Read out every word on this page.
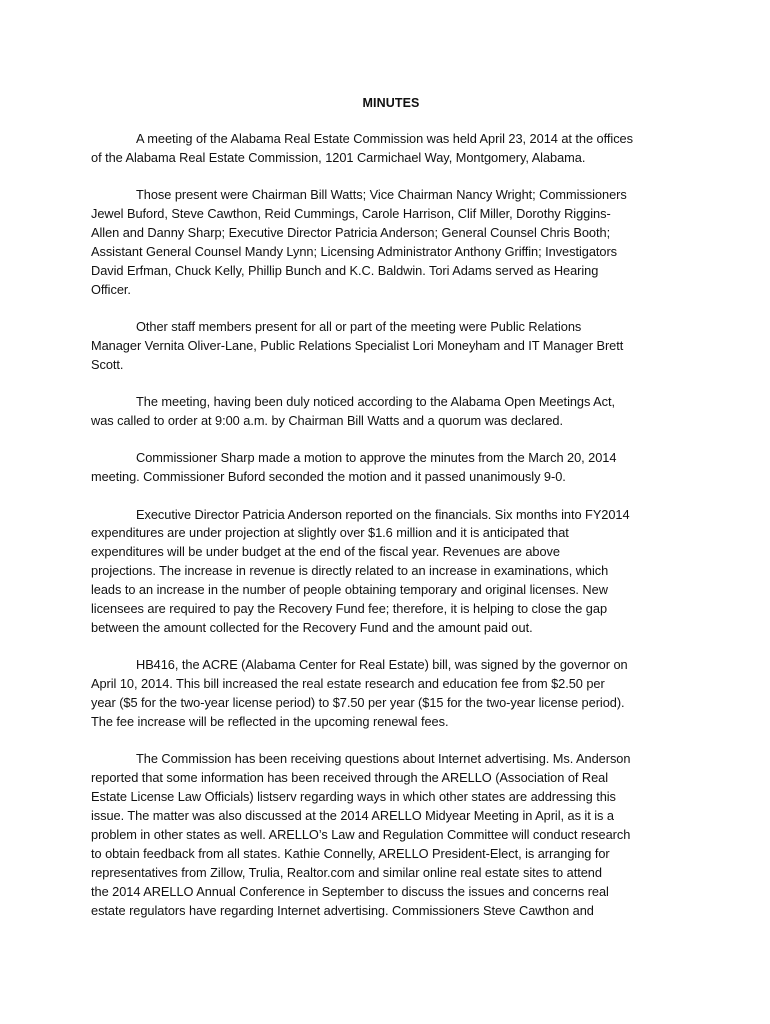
MINUTES
A meeting of the Alabama Real Estate Commission was held April 23, 2014 at the offices
of the Alabama Real Estate Commission, 1201 Carmichael Way, Montgomery, Alabama.
Those present were Chairman Bill Watts; Vice Chairman Nancy Wright; Commissioners
Jewel Buford, Steve Cawthon, Reid Cummings, Carole Harrison, Clif Miller, Dorothy Riggins-
Allen and Danny Sharp; Executive Director Patricia Anderson; General Counsel Chris Booth;
Assistant General Counsel Mandy Lynn; Licensing Administrator Anthony Griffin; Investigators
David Erfman, Chuck Kelly, Phillip Bunch and K.C. Baldwin. Tori Adams served as Hearing
Officer.
Other staff members present for all or part of the meeting were Public Relations
Manager Vernita Oliver-Lane, Public Relations Specialist Lori Moneyham and IT Manager Brett
Scott.
The meeting, having been duly noticed according to the Alabama Open Meetings Act,
was called to order at 9:00 a.m. by Chairman Bill Watts and a quorum was declared.
Commissioner Sharp made a motion to approve the minutes from the March 20, 2014
meeting. Commissioner Buford seconded the motion and it passed unanimously 9-0.
Executive Director Patricia Anderson reported on the financials. Six months into FY2014
expenditures are under projection at slightly over $1.6 million and it is anticipated that
expenditures will be under budget at the end of the fiscal year. Revenues are above
projections. The increase in revenue is directly related to an increase in examinations, which
leads to an increase in the number of people obtaining temporary and original licenses. New
licensees are required to pay the Recovery Fund fee; therefore, it is helping to close the gap
between the amount collected for the Recovery Fund and the amount paid out.
HB416, the ACRE (Alabama Center for Real Estate) bill, was signed by the governor on
April 10, 2014. This bill increased the real estate research and education fee from $2.50 per
year ($5 for the two-year license period) to $7.50 per year ($15 for the two-year license period).
The fee increase will be reflected in the upcoming renewal fees.
The Commission has been receiving questions about Internet advertising. Ms. Anderson
reported that some information has been received through the ARELLO (Association of Real
Estate License Law Officials) listserv regarding ways in which other states are addressing this
issue. The matter was also discussed at the 2014 ARELLO Midyear Meeting in April, as it is a
problem in other states as well. ARELLO’s Law and Regulation Committee will conduct research
to obtain feedback from all states. Kathie Connelly, ARELLO President-Elect, is arranging for
representatives from Zillow, Trulia, Realtor.com and similar online real estate sites to attend
the 2014 ARELLO Annual Conference in September to discuss the issues and concerns real
estate regulators have regarding Internet advertising. Commissioners Steve Cawthon and
